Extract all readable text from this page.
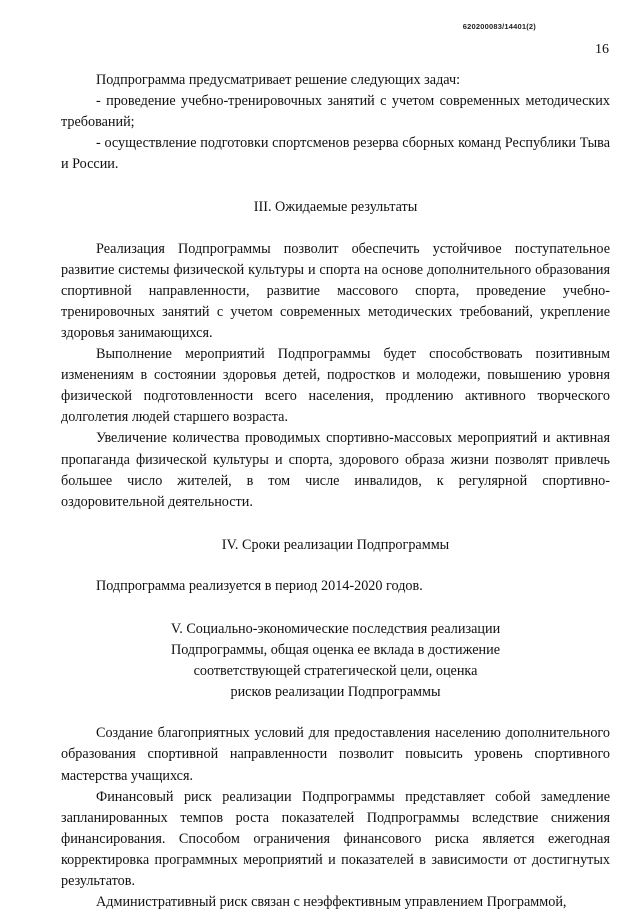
620200083/14401(2)
16

Подпрограмма предусматривает решение следующих задач:

- проведение учебно-тренировочных занятий с учетом современных методических требований;

- осуществление подготовки спортсменов резерва сборных команд Республики Тыва и России.

III. Ожидаемые результаты

Реализация Подпрограммы позволит обеспечить устойчивое поступательное развитие системы физической культуры и спорта на основе дополнительного образования спортивной направленности, развитие массового спорта, проведение учебно-тренировочных занятий с учетом современных методических требований, укрепление здоровья занимающихся.

Выполнение мероприятий Подпрограммы будет способствовать позитивным изменениям в состоянии здоровья детей, подростков и молодежи, повышению уровня физической подготовленности всего населения, продлению активного творческого долголетия людей старшего возраста.

Увеличение количества проводимых спортивно-массовых мероприятий и активная пропаганда физической культуры и спорта, здорового образа жизни позволят привлечь большее число жителей, в том числе инвалидов, к регулярной спортивно-оздоровительной деятельности.

IV. Сроки реализации Подпрограммы

Подпрограмма реализуется в период 2014-2020 годов.

V. Социально-экономические последствия реализации

Подпрограммы, общая оценка ее вклада в достижение

соответствующей стратегической цели, оценка

рисков реализации Подпрограммы

Создание благоприятных условий для предоставления населению дополнительного образования спортивной направленности позволит повысить уровень спортивного мастерства учащихся.

Финансовый риск реализации Подпрограммы представляет собой замедление запланированных темпов роста показателей Подпрограммы вследствие снижения финансирования. Способом ограничения финансового риска является ежегодная корректировка программных мероприятий и показателей в зависимости от достигнутых результатов.

Административный риск связан с неэффективным управлением Программой,
